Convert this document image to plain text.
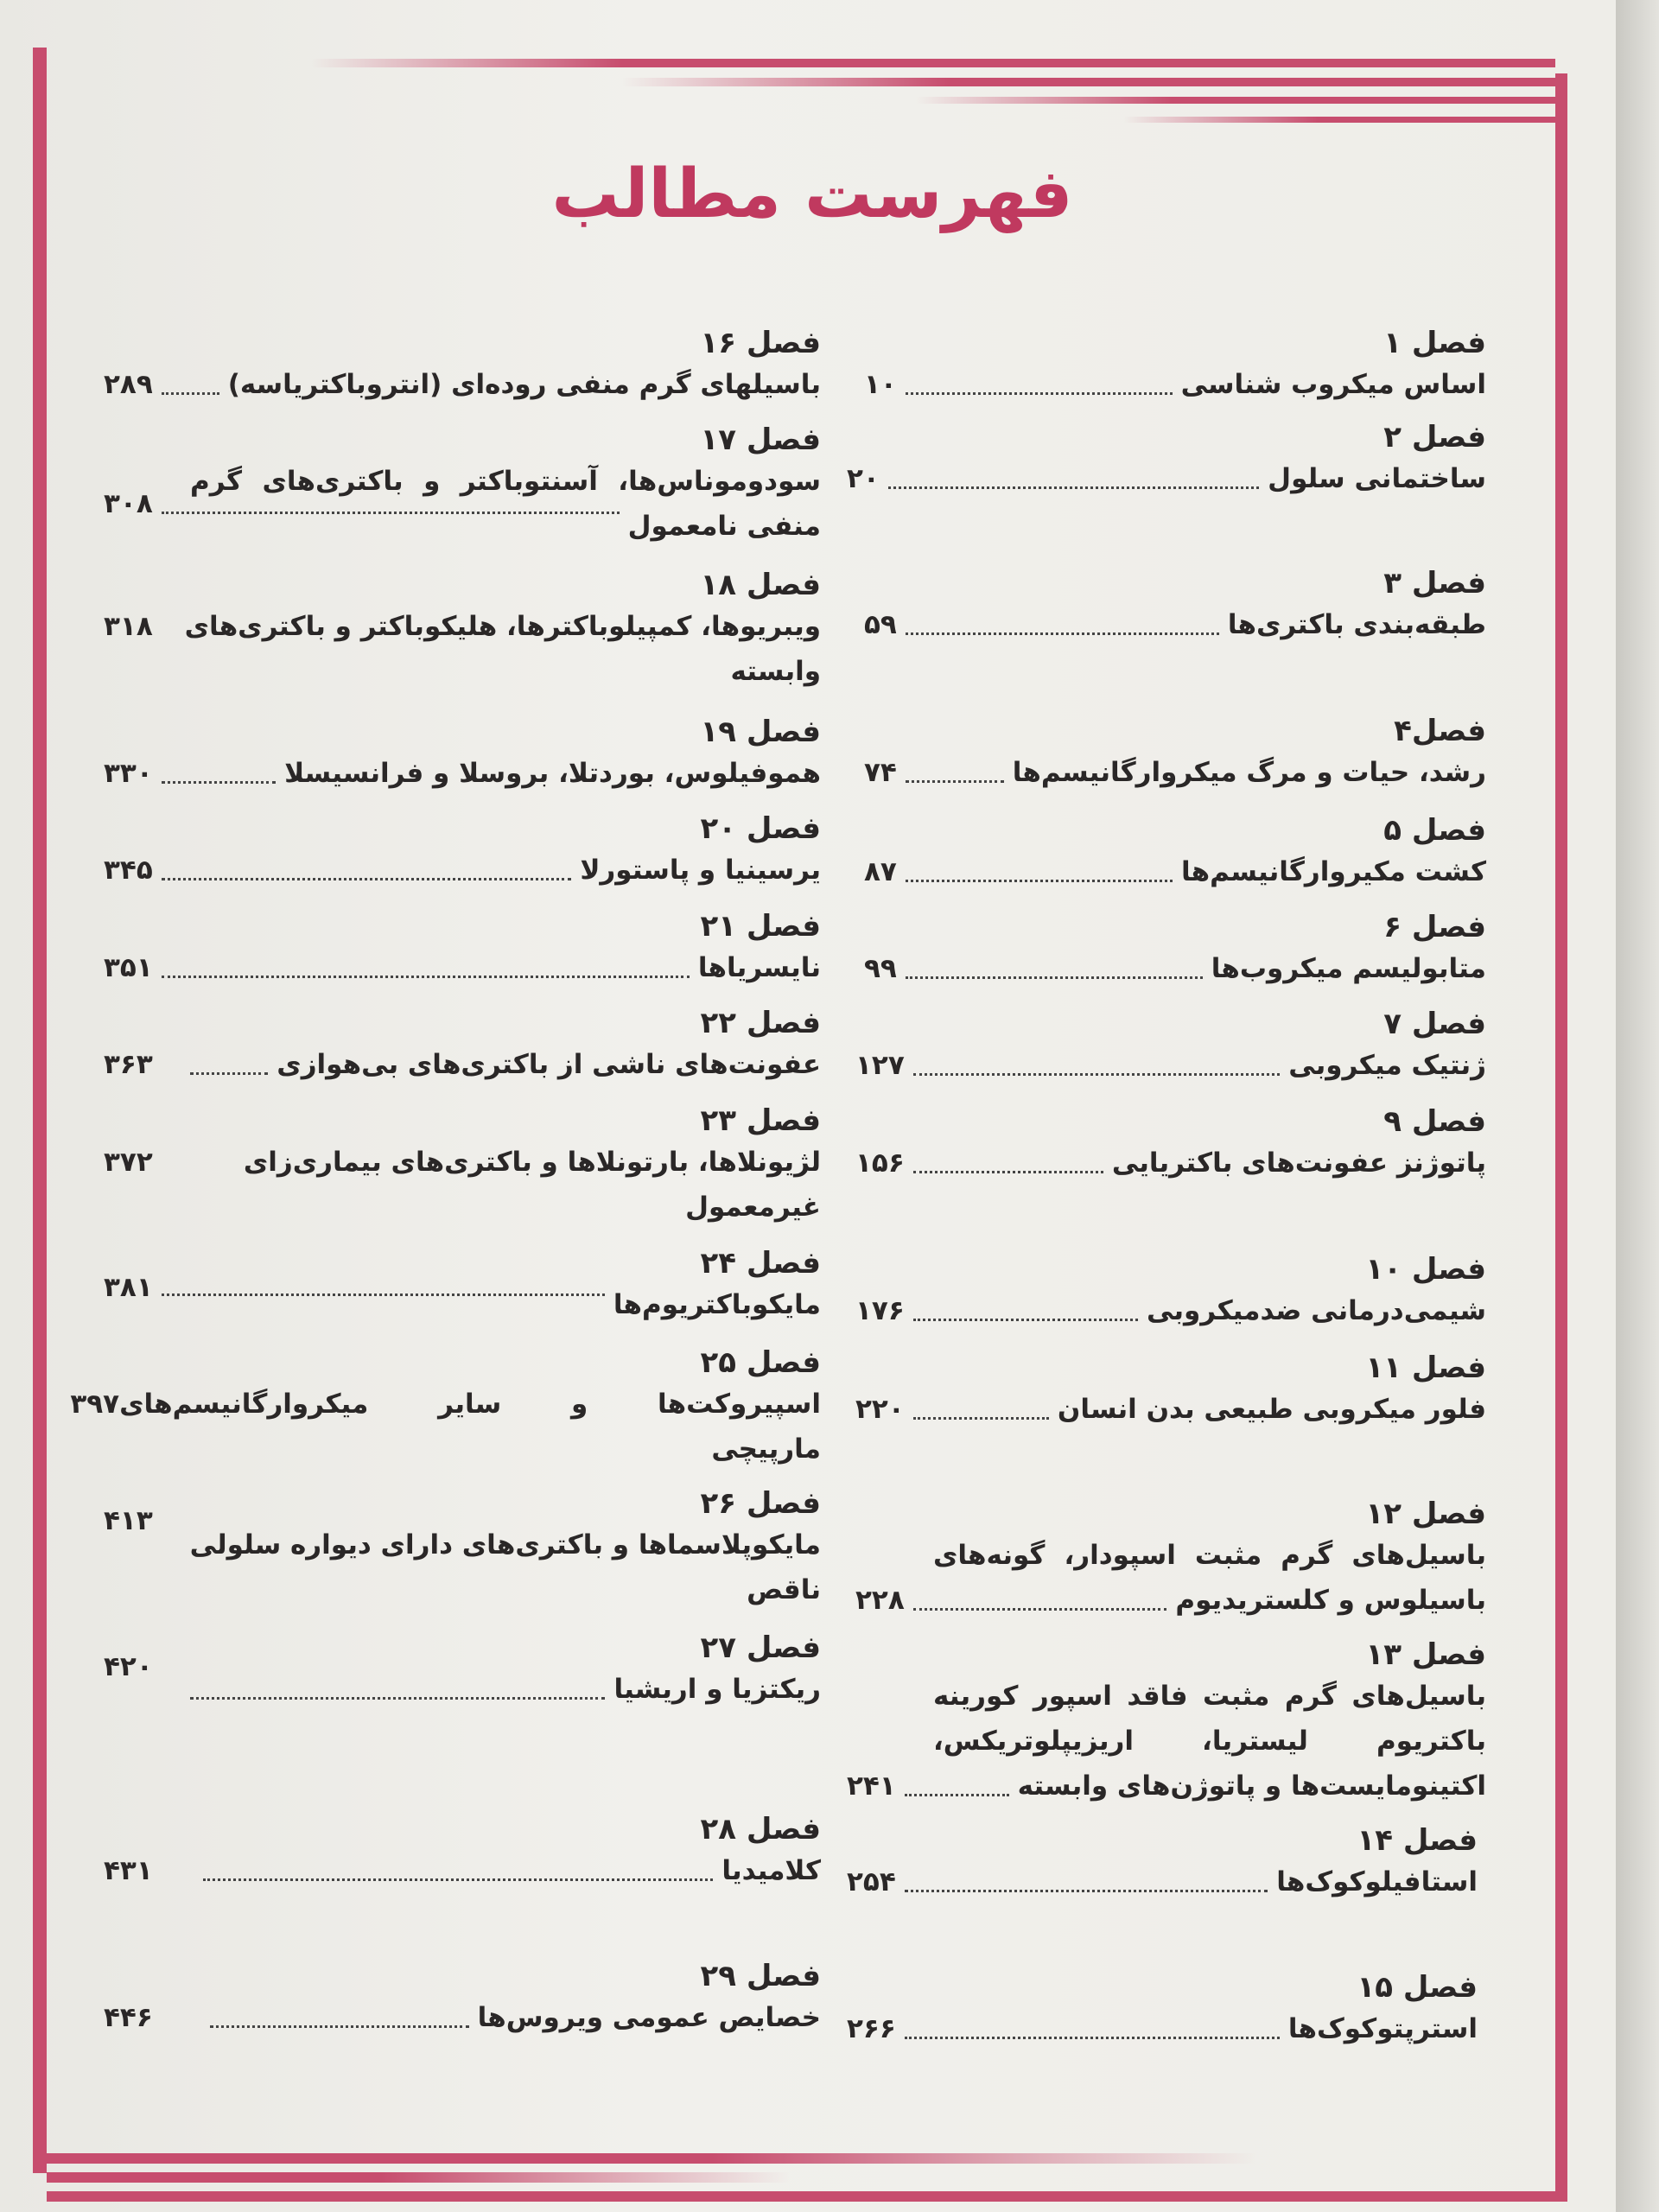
فهرست مطالب
فصل ۱
اساس میکروب شناسی
۱۰
فصل ۲
ساختمانی سلول
۲۰
فصل ۳
طبقه‌بندی باکتری‌ها
۵۹
فصل۴
رشد، حیات و مرگ میکروارگانیسم‌ها
۷۴
فصل ۵
کشت مکیروارگانیسم‌ها
۸۷
فصل ۶
متابولیسم میکروب‌ها
۹۹
فصل ۷
ژنتیک میکروبی
۱۲۷
فصل ۹
پاتوژنز عفونت‌های باکتریایی
۱۵۶
فصل ۱۰
شیمی‌درمانی ضدمیکروبی
۱۷۶
فصل ۱۱
فلور میکروبی طبیعی بدن انسان
۲۲۰
فصل ۱۲
باسیل‌های گرم مثبت اسپودار، گونه‌های
باسیلوس و کلستریدیوم
۲۲۸
فصل ۱۳
باسیل‌های گرم مثبت فاقد اسپور کورینه
باکتریوم لیستریا، اریزیپلوتریکس،
اکتینومایست‌ها و پاتوژن‌های وابسته
۲۴۱
فصل ۱۴
استافیلوکوک‌ها
۲۵۴
فصل ۱۵
استرپتوکوک‌ها
۲۶۶
فصل ۱۶
باسیلهای گرم منفی روده‌ای (انتروباکتریاسه)
۲۸۹
فصل ۱۷
سودوموناس‌ها، آسنتوباکتر و باکتری‌های گرم
منفی نامعمول
۳۰۸
فصل ۱۸
ویبریوها، کمپیلوباکترها، هلیکوباکتر و باکتری‌های
۳۱۸
وابسته
فصل ۱۹
هموفیلوس، بوردتلا، بروسلا و فرانسیسلا
۳۳۰
فصل ۲۰
یرسینیا و پاستورلا
۳۴۵
فصل ۲۱
نایسریاها
۳۵۱
فصل ۲۲
عفونت‌های ناشی از باکتری‌های بی‌هوازی
۳۶۳
فصل ۲۳
لژیونلاها، بارتونلاها و باکتری‌های بیماری‌زای
۳۷۲
غیرمعمول
فصل ۲۴
مایکوباکتریوم‌ها
۳۸۱
فصل ۲۵
اسپیروکت‌ها و سایر میکروارگانیسم‌های
۳۹۷
مارپیچی
فصل ۲۶
مایکوپلاسماها و باکتری‌های دارای دیواره سلولی
۴۱۳
ناقص
فصل ۲۷
ریکتزیا و اریشیا
۴۲۰
فصل ۲۸
کلامیدیا
۴۳۱
فصل ۲۹
خصایص عمومی ویروس‌ها
۴۴۶
